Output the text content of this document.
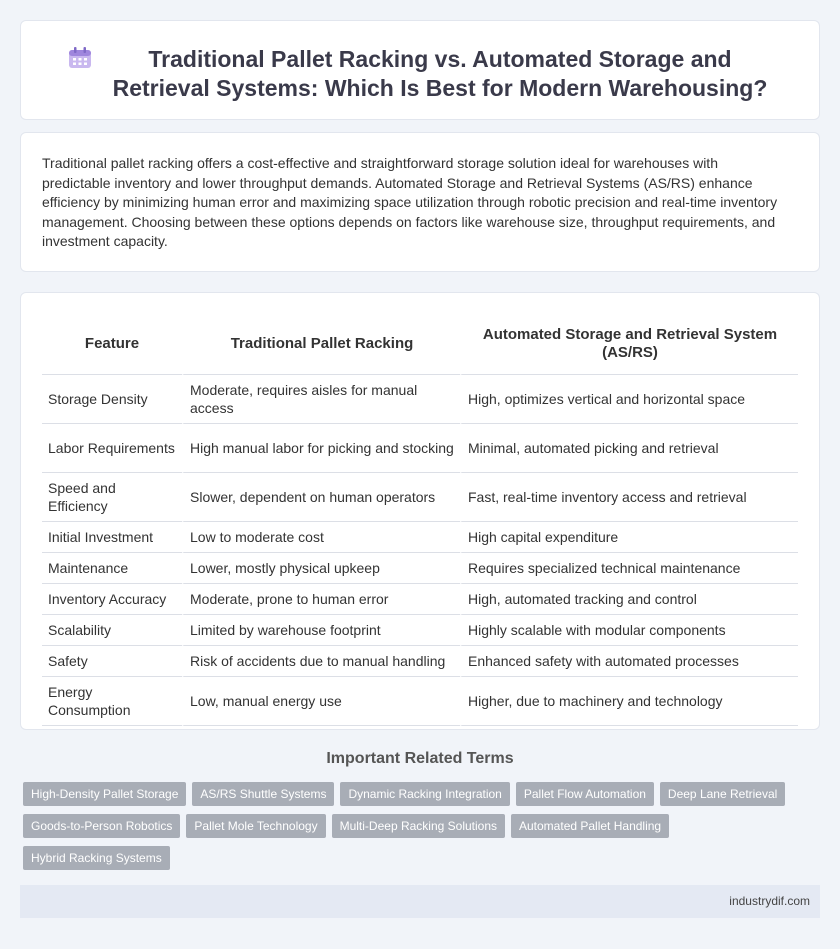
Traditional Pallet Racking vs. Automated Storage and Retrieval Systems: Which Is Best for Modern Warehousing?

Traditional pallet racking offers a cost-effective and straightforward storage solution ideal for warehouses with predictable inventory and lower throughput demands. Automated Storage and Retrieval Systems (AS/RS) enhance efficiency by minimizing human error and maximizing space utilization through robotic precision and real-time inventory management. Choosing between these options depends on factors like warehouse size, throughput requirements, and investment capacity.

Feature	Traditional Pallet Racking	Automated Storage and Retrieval System (AS/RS)
Storage Density	Moderate, requires aisles for manual access	High, optimizes vertical and horizontal space
Labor Requirements	High manual labor for picking and stocking	Minimal, automated picking and retrieval
Speed and Efficiency	Slower, dependent on human operators	Fast, real-time inventory access and retrieval
Initial Investment	Low to moderate cost	High capital expenditure
Maintenance	Lower, mostly physical upkeep	Requires specialized technical maintenance
Inventory Accuracy	Moderate, prone to human error	High, automated tracking and control
Scalability	Limited by warehouse footprint	Highly scalable with modular components
Safety	Risk of accidents due to manual handling	Enhanced safety with automated processes
Energy Consumption	Low, manual energy use	Higher, due to machinery and technology
Important Related Terms
High-Density Pallet Storage	AS/RS Shuttle Systems	Dynamic Racking Integration	Pallet Flow Automation	Deep Lane Retrieval
Goods-to-Person Robotics	Pallet Mole Technology	Multi-Deep Racking Solutions	Automated Pallet Handling
Hybrid Racking Systems
industrydif.com
